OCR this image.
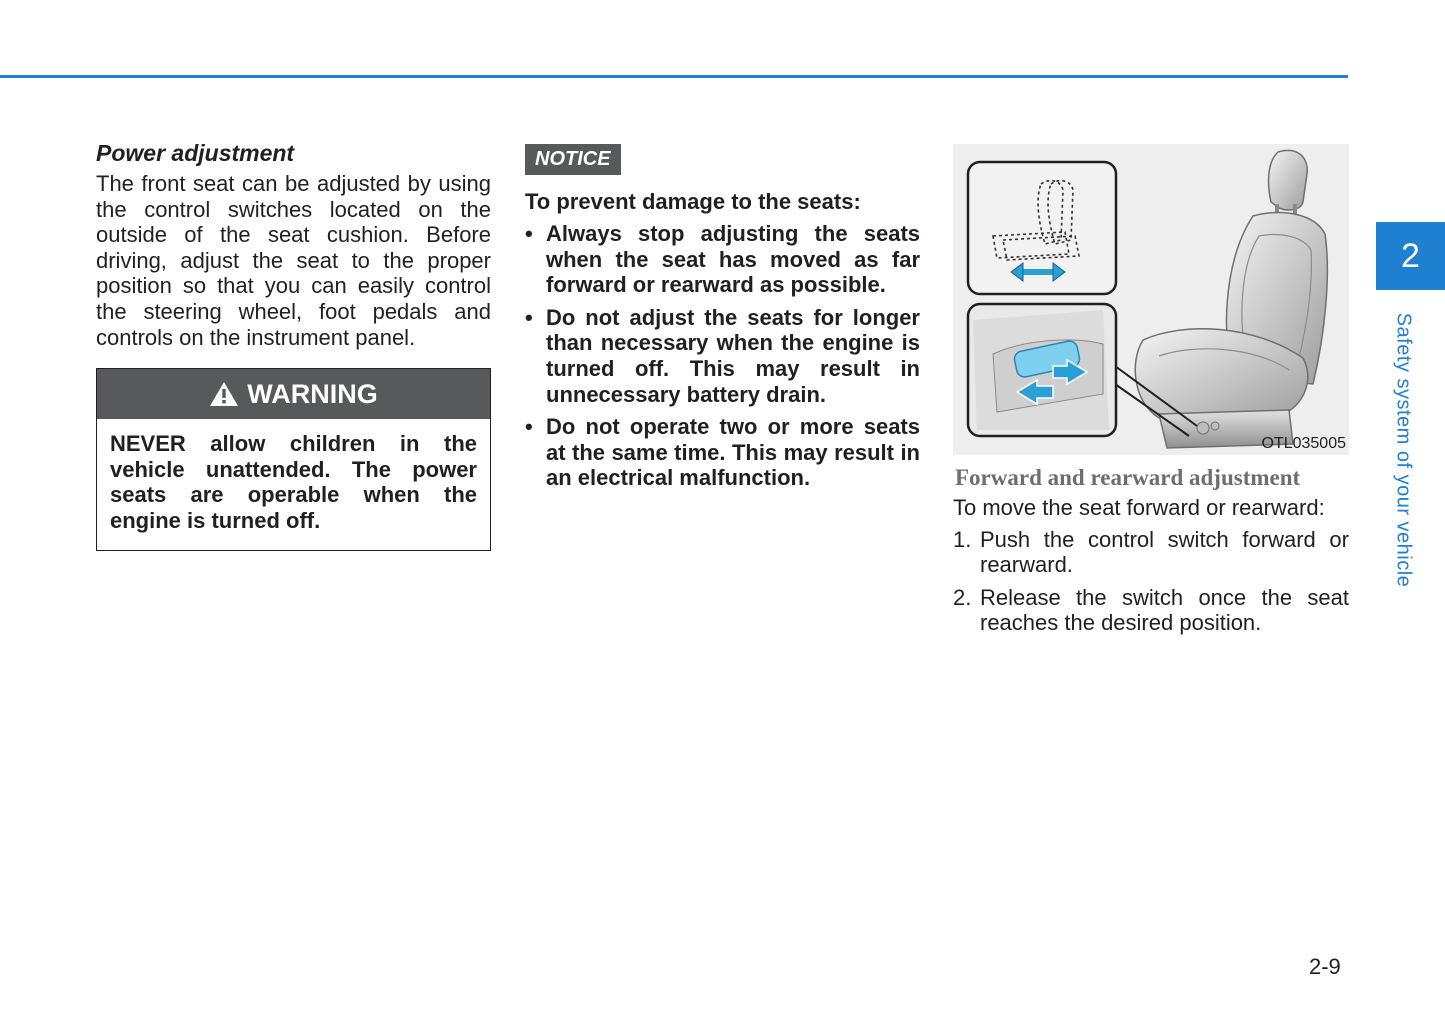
2
Safety system of your vehicle
Power adjustment

The front seat can be adjusted by using the control switches located on the outside of the seat cushion. Before driving, adjust the seat to the proper position so that you can easily control the steering wheel, foot pedals and controls on the instrument panel.

WARNING
NEVER allow children in the vehicle unattended. The power seats are operable when the engine is turned off.
NOTICE

To prevent damage to the seats:

• Always stop adjusting the seats when the seat has moved as far forward or rearward as possible.
• Do not adjust the seats for longer than necessary when the engine is turned off. This may result in unnecessary battery drain.
• Do not operate two or more seats at the same time. This may result in an electrical malfunction.
OTL035005
Forward and rearward adjustment

To move the seat forward or rearward:

1. Push the control switch forward or rearward.
2. Release the switch once the seat reaches the desired position.
2-9
